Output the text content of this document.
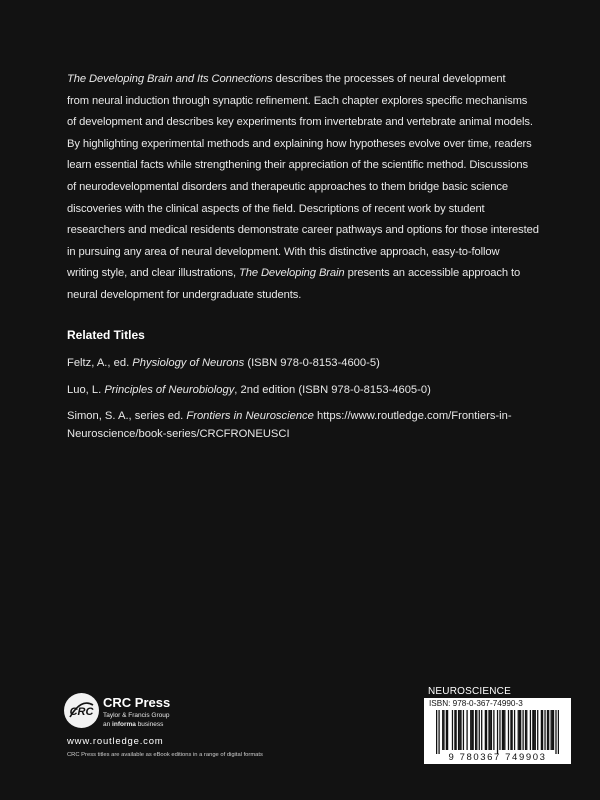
The Developing Brain and Its Connections describes the processes of neural development
from neural induction through synaptic refinement. Each chapter explores specific mechanisms
of development and describes key experiments from invertebrate and vertebrate animal models.
By highlighting experimental methods and explaining how hypotheses evolve over time, readers
learn essential facts while strengthening their appreciation of the scientific method. Discussions
of neurodevelopmental disorders and therapeutic approaches to them bridge basic science
discoveries with the clinical aspects of the field. Descriptions of recent work by student
researchers and medical residents demonstrate career pathways and options for those interested
in pursuing any area of neural development. With this distinctive approach, easy-to-follow
writing style, and clear illustrations, The Developing Brain presents an accessible approach to
neural development for undergraduate students.
Related Titles
Feltz, A., ed. Physiology of Neurons (ISBN 978-0-8153-4600-5)
Luo, L. Principles of Neurobiology, 2nd edition (ISBN 978-0-8153-4605-0)
Simon, S. A., series ed. Frontiers in Neuroscience https://www.routledge.com/Frontiers-in-
Neuroscience/book-series/CRCFRONEUSCI
CRC
CRC Press
Taylor & Francis Group
an informa business
www.routledge.com
CRC Press titles are available as eBook editions in a range of digital formats
NEUROSCIENCE
ISBN: 978-0-367-74990-3
9 780367 749903
